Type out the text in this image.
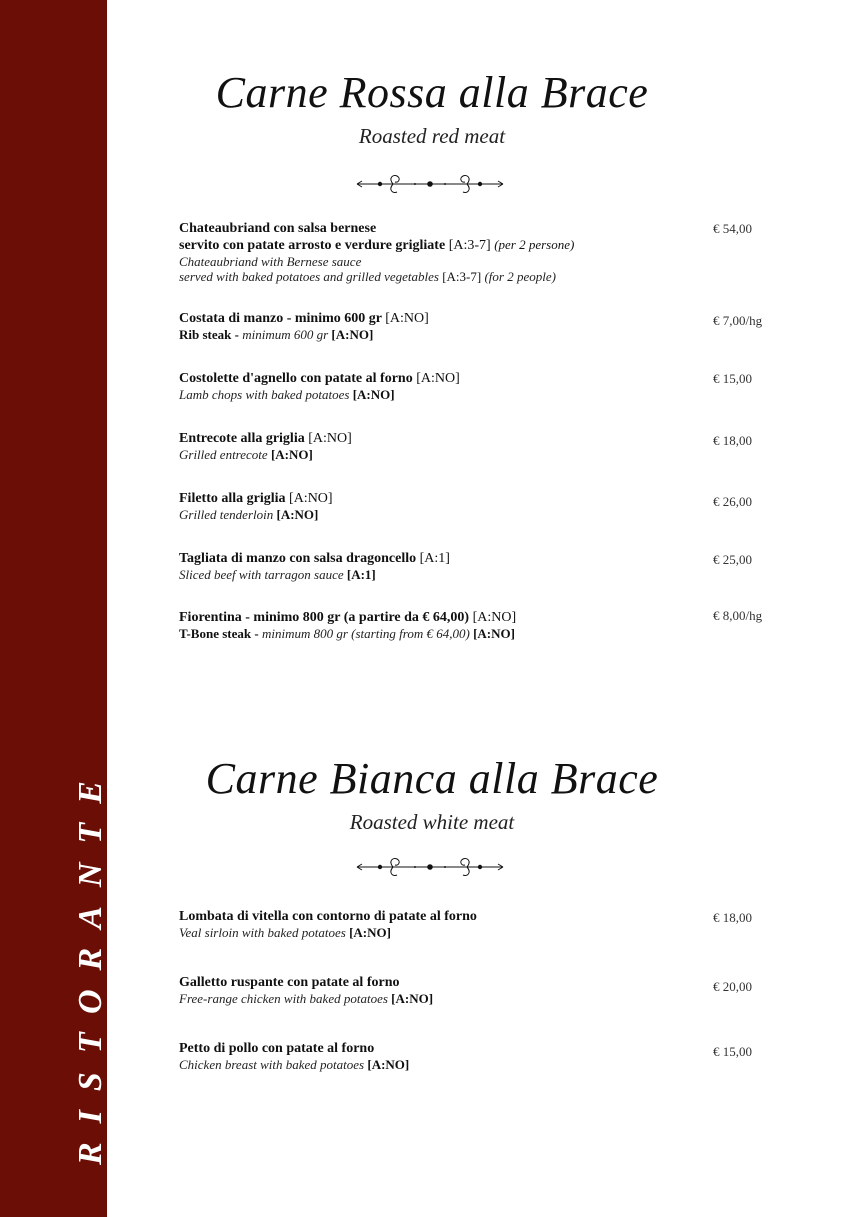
RISTORANTE
Carne Rossa alla Brace
Roasted red meat
Chateaubriand con salsa bernese
servito con patate arrosto e verdure grigliate [A:3-7] (per 2 persone)
Chateaubriand with Bernese sauce
served with baked potatoes and grilled vegetables [A:3-7] (for 2 people)
€ 54,00
Costata di manzo - minimo 600 gr [A:NO]
Rib steak - minimum 600 gr [A:NO]
€ 7,00/hg
Costolette d'agnello con patate al forno [A:NO]
Lamb chops with baked potatoes [A:NO]
€ 15,00
Entrecote alla griglia [A:NO]
Grilled entrecote [A:NO]
€ 18,00
Filetto alla griglia [A:NO]
Grilled tenderloin [A:NO]
€ 26,00
Tagliata di manzo con salsa dragoncello [A:1]
Sliced beef with tarragon sauce [A:1]
€ 25,00
Fiorentina - minimo 800 gr (a partire da € 64,00) [A:NO]
T-Bone steak - minimum 800 gr (starting from € 64,00) [A:NO]
€ 8,00/hg
Carne Bianca alla Brace
Roasted white meat
Lombata di vitella con contorno di patate al forno
Veal sirloin with baked potatoes [A:NO]
€ 18,00
Galletto ruspante con patate al forno
Free-range chicken with baked potatoes [A:NO]
€ 20,00
Petto di pollo con patate al forno
Chicken breast with baked potatoes [A:NO]
€ 15,00
